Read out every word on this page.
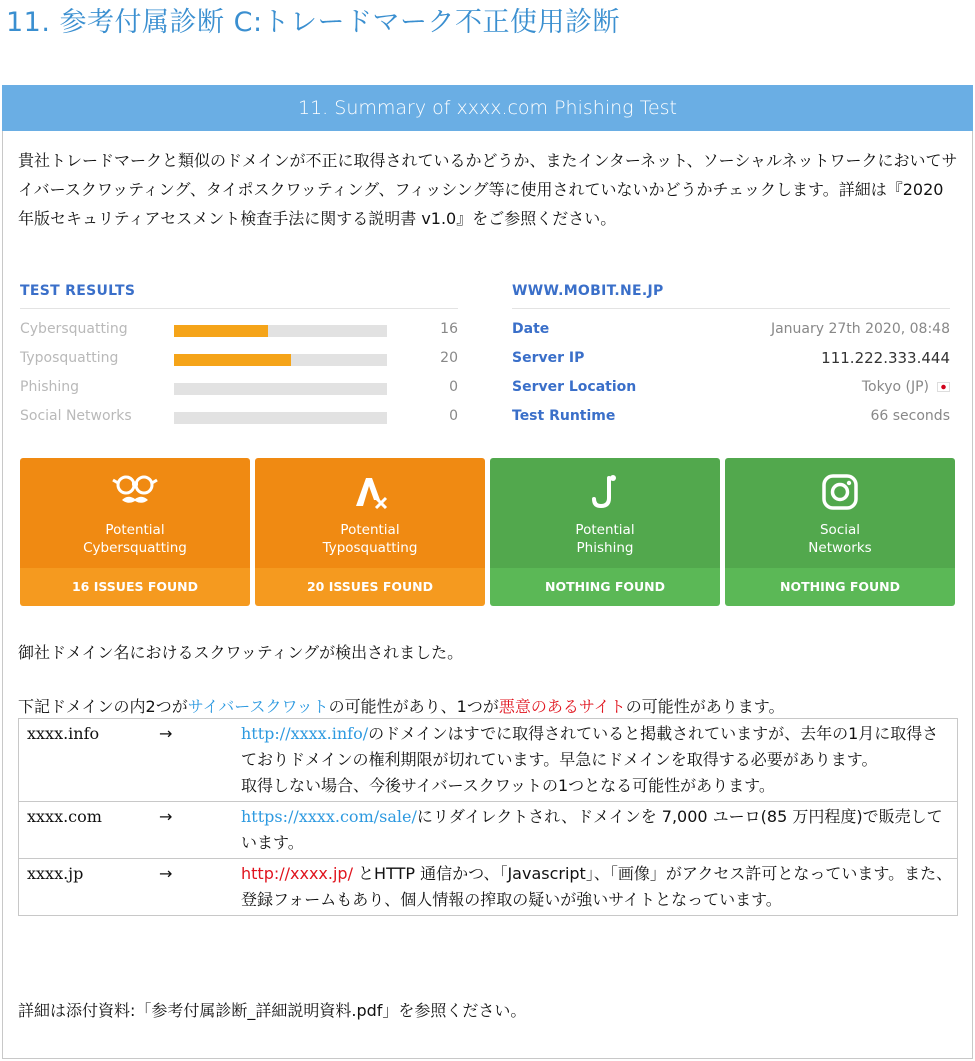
11. 参考付属診断 C:トレードマーク不正使用診断
11. Summary of xxxx.com Phishing Test
貴社トレードマークと類似のドメインが不正に取得されているかどうか、またインターネット、ソーシャルネットワークにおいてサイバースクワッティング、タイポスクワッティング、フィッシング等に使用されていないかどうかチェックします。詳細は『2020 年版セキュリティアセスメント検査手法に関する説明書 v1.0』をご参照ください。
TEST RESULTS
Cybersquatting	16
Typosquatting	20
Phishing	0
Social Networks	0
WWW.MOBIT.NE.JP
Date	January 27th 2020, 08:48
Server IP	111.222.333.444
Server Location	Tokyo (JP)
Test Runtime	66 seconds
Potential
Cybersquatting
16 ISSUES FOUND
Potential
Typosquatting
20 ISSUES FOUND
Potential
Phishing
NOTHING FOUND
Social
Networks
NOTHING FOUND
御社ドメイン名におけるスクワッティングが検出されました。
下記ドメインの内2つがサイバースクワットの可能性があり、1つが悪意のあるサイトの可能性があります。
xxxx.info	→	http://xxxx.info/のドメインはすでに取得されていると掲載されていますが、去年の1月に取得さておりドメインの権利期限が切れています。早急にドメインを取得する必要があります。
取得しない場合、今後サイバースクワットの1つとなる可能性があります。
xxxx.com	→	https://xxxx.com/sale/にリダイレクトされ、ドメインを 7,000 ユーロ(85 万円程度)で販売しています。
xxxx.jp	→	http://xxxx.jp/ とHTTP 通信かつ、「Javascript」、「画像」がアクセス許可となっています。また、登録フォームもあり、個人情報の搾取の疑いが強いサイトとなっています。
詳細は添付資料:「参考付属診断_詳細説明資料.pdf」を参照ください。
